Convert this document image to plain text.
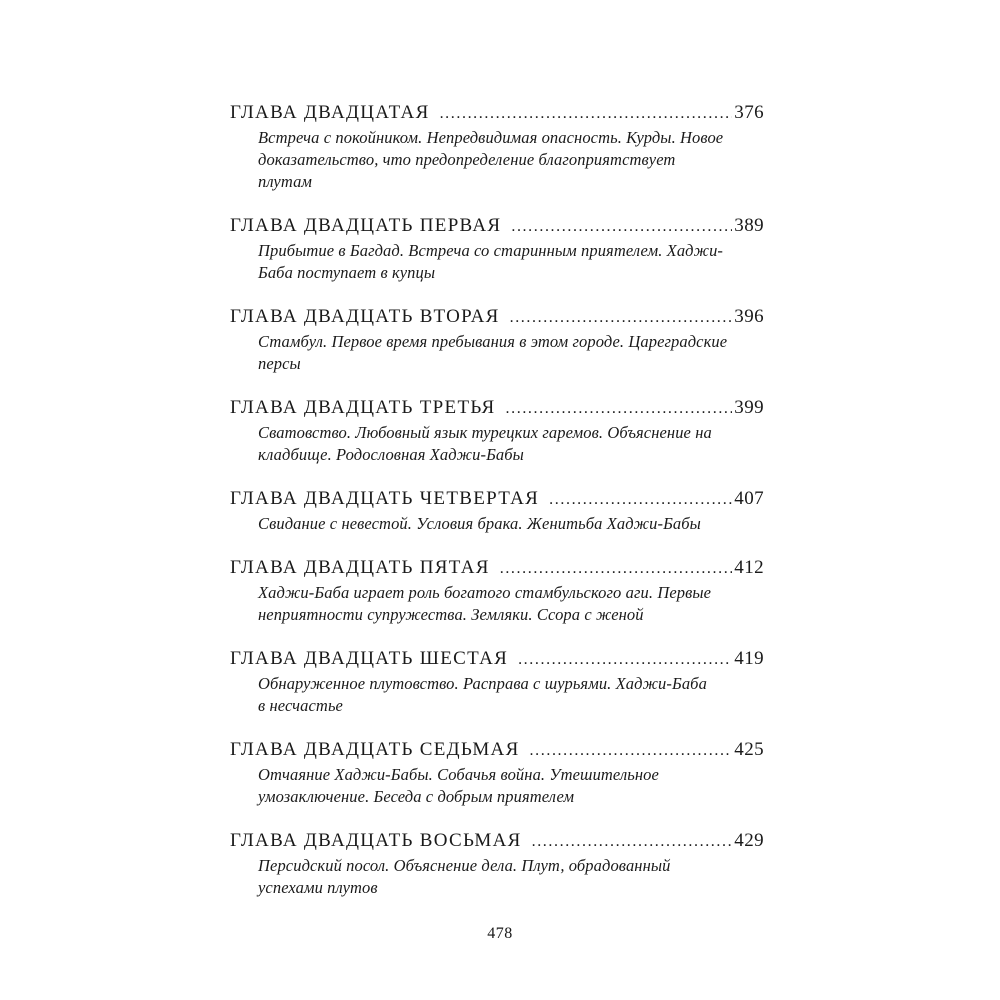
ГЛАВА ДВАДЦАТАЯ . . .	376
Встреча с покойником. Непредвидимая опасность. Курды. Новое
доказательство, что предопределение благоприятствует
плутам
ГЛАВА ДВАДЦАТЬ ПЕРВАЯ . . .	389
Прибытие в Багдад. Встреча со старинным приятелем. Хаджи-
Баба поступает в купцы
ГЛАВА ДВАДЦАТЬ ВТОРАЯ . . .	396
Стамбул. Первое время пребывания в этом городе. Цареградские
персы
ГЛАВА ДВАДЦАТЬ ТРЕТЬЯ . . .	399
Сватовство. Любовный язык турецких гаремов. Объяснение на
кладбище. Родословная Хаджи-Бабы
ГЛАВА ДВАДЦАТЬ ЧЕТВЕРТАЯ . . .	407
Свидание с невестой. Условия брака. Женитьба Хаджи-Бабы
ГЛАВА ДВАДЦАТЬ ПЯТАЯ . . .	412
Хаджи-Баба играет роль богатого стамбульского аги. Первые
неприятности супружества. Земляки. Ссора с женой
ГЛАВА ДВАДЦАТЬ ШЕСТАЯ . . .	419
Обнаруженное плутовство. Расправа с шурьями. Хаджи-Баба
в несчастье
ГЛАВА ДВАДЦАТЬ СЕДЬМАЯ . . .	425
Отчаяние Хаджи-Бабы. Собачья война. Утешительное
умозаключение. Беседа с добрым приятелем
ГЛАВА ДВАДЦАТЬ ВОСЬМАЯ . . .	429
Персидский посол. Объяснение дела. Плут, обрадованный
успехами плутов
478
